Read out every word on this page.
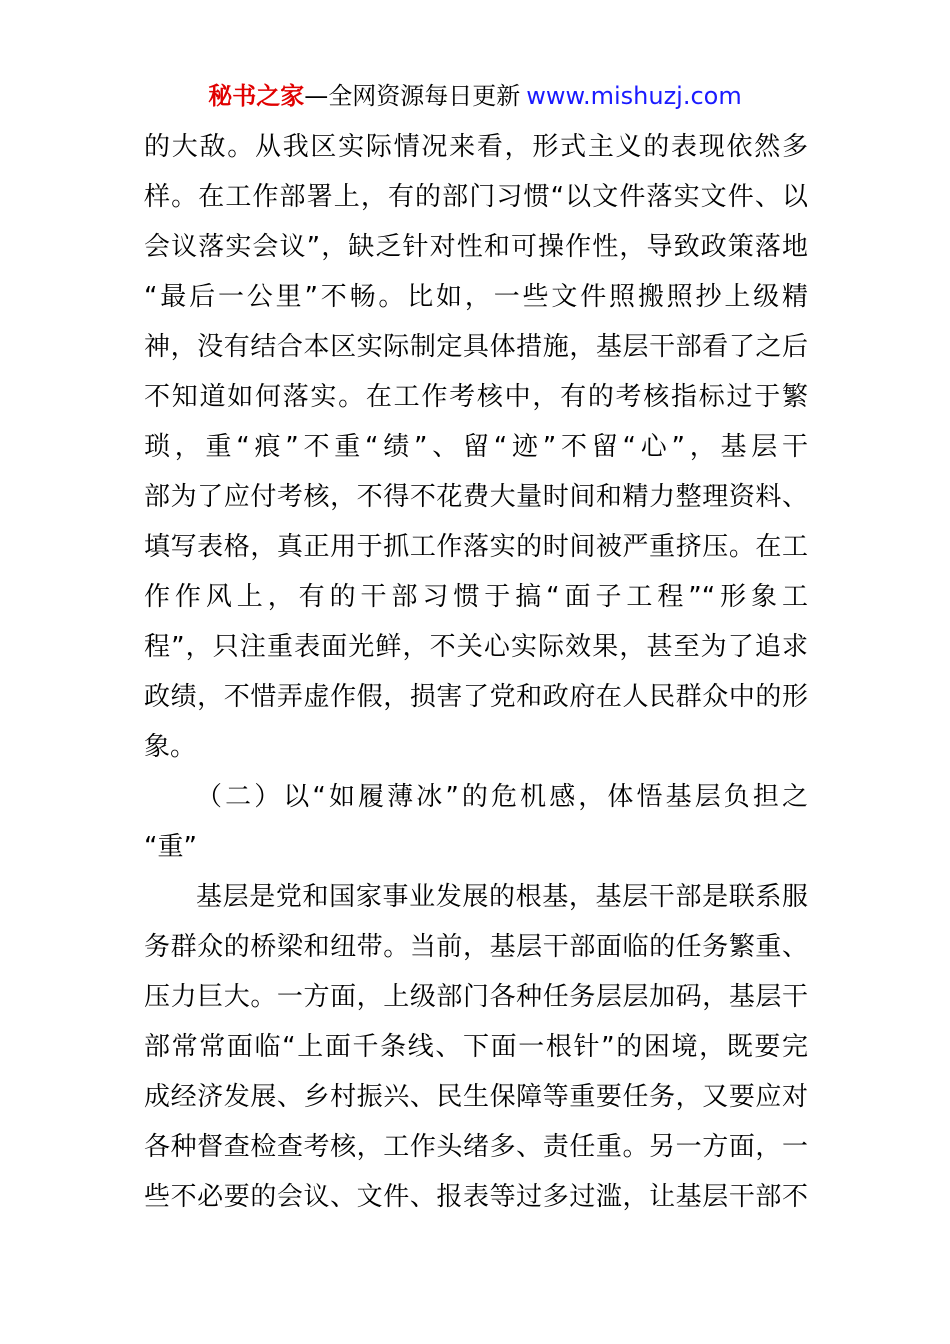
秘书之家—全网资源每日更新 www.mishuzj.com
的大敌。从我区实际情况来看，形式主义的表现依然多
样。在工作部署上，有的部门习惯“以文件落实文件、以
会议落实会议”，缺乏针对性和可操作性，导致政策落地
“最后一公里”不畅。比如，一些文件照搬照抄上级精
神，没有结合本区实际制定具体措施，基层干部看了之后
不知道如何落实。在工作考核中，有的考核指标过于繁
琐，重“痕”不重“绩”、留“迹”不留“心”，基层干
部为了应付考核，不得不花费大量时间和精力整理资料、
填写表格，真正用于抓工作落实的时间被严重挤压。在工
作作风上，有的干部习惯于搞“面子工程”“形象工
程”，只注重表面光鲜，不关心实际效果，甚至为了追求
政绩，不惜弄虚作假，损害了党和政府在人民群众中的形
象。
（二）以“如履薄冰”的危机感，体悟基层负担之
“重”
基层是党和国家事业发展的根基，基层干部是联系服
务群众的桥梁和纽带。当前，基层干部面临的任务繁重、
压力巨大。一方面，上级部门各种任务层层加码，基层干
部常常面临“上面千条线、下面一根针”的困境，既要完
成经济发展、乡村振兴、民生保障等重要任务，又要应对
各种督查检查考核，工作头绪多、责任重。另一方面，一
些不必要的会议、文件、报表等过多过滥，让基层干部不
